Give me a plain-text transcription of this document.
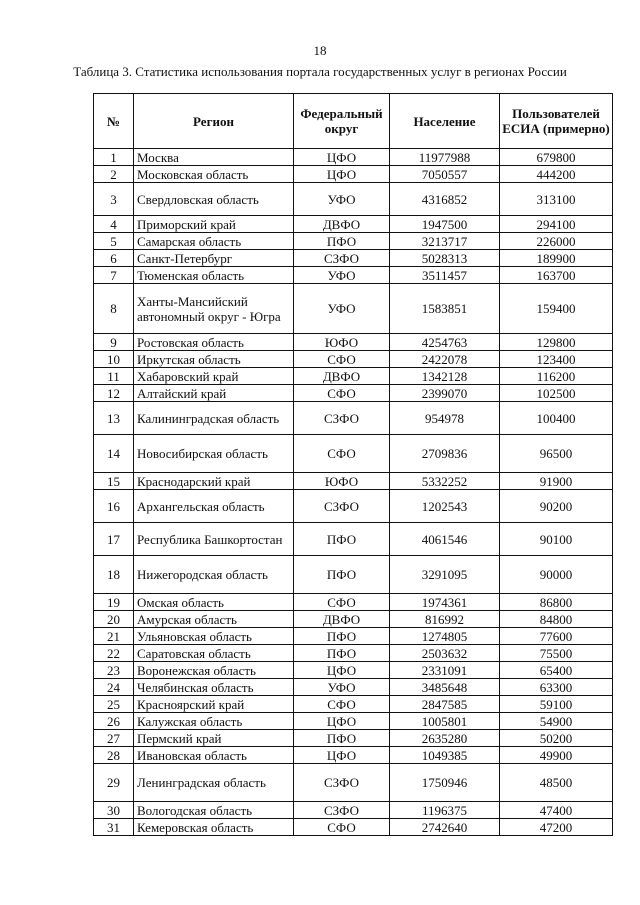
18
Таблица 3. Статистика использования портала государственных услуг в регионах России
№	Регион	Федеральный округ	Население	Пользователей ЕСИА (примерно)
1	Москва	ЦФО	11977988	679800
2	Московская область	ЦФО	7050557	444200
3	Свердловская область	УФО	4316852	313100
4	Приморский край	ДВФО	1947500	294100
5	Самарская область	ПФО	3213717	226000
6	Санкт-Петербург	СЗФО	5028313	189900
7	Тюменская область	УФО	3511457	163700
8	Ханты-Мансийский автономный округ - Югра	УФО	1583851	159400
9	Ростовская область	ЮФО	4254763	129800
10	Иркутская область	СФО	2422078	123400
11	Хабаровский край	ДВФО	1342128	116200
12	Алтайский край	СФО	2399070	102500
13	Калининградская область	СЗФО	954978	100400
14	Новосибирская область	СФО	2709836	96500
15	Краснодарский край	ЮФО	5332252	91900
16	Архангельская область	СЗФО	1202543	90200
17	Республика Башкортостан	ПФО	4061546	90100
18	Нижегородская область	ПФО	3291095	90000
19	Омская область	СФО	1974361	86800
20	Амурская область	ДВФО	816992	84800
21	Ульяновская область	ПФО	1274805	77600
22	Саратовская область	ПФО	2503632	75500
23	Воронежская область	ЦФО	2331091	65400
24	Челябинская область	УФО	3485648	63300
25	Красноярский край	СФО	2847585	59100
26	Калужская область	ЦФО	1005801	54900
27	Пермский край	ПФО	2635280	50200
28	Ивановская область	ЦФО	1049385	49900
29	Ленинградская область	СЗФО	1750946	48500
30	Вологодская область	СЗФО	1196375	47400
31	Кемеровская область	СФО	2742640	47200
